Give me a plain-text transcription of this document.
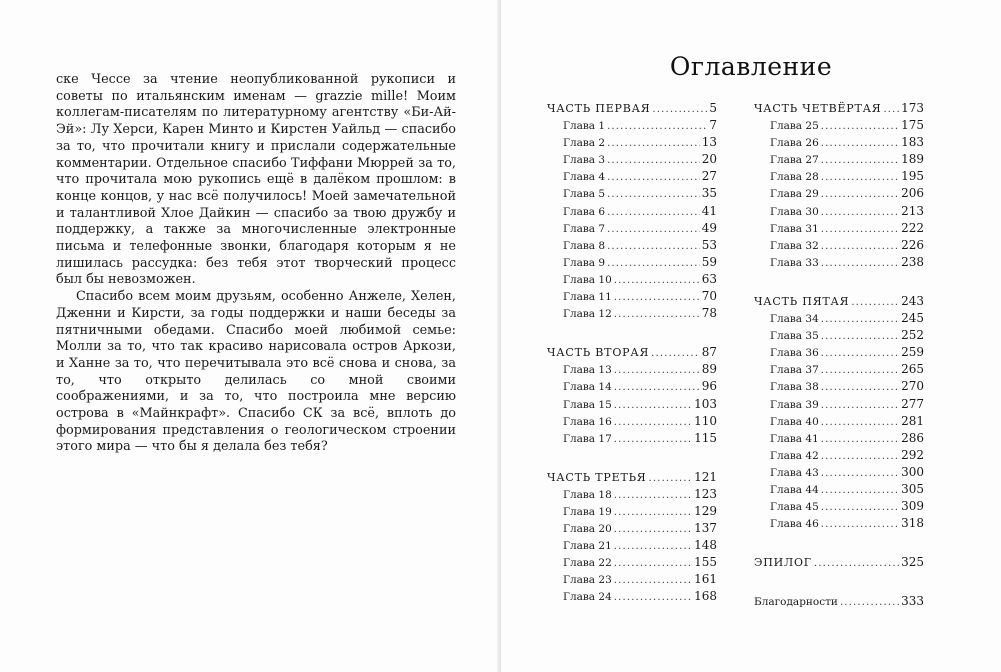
ске Чессе за чтение неопубликованной рукописи и советы по итальянским именам — grazzie mille! Моим коллегам-писателям по литературному агентству «Би-Ай-Эй»: Лу Херси, Карен Минто и Кирстен Уайльд — спасибо за то, что прочитали книгу и прислали содержательные комментарии. Отдельное спасибо Тиффани Мюррей за то, что прочитала мою рукопись ещё в далёком прошлом: в конце концов, у нас всё получилось! Моей замечательной и талантливой Хлое Дайкин — спасибо за твою дружбу и поддержку, а также за многочисленные электронные письма и телефонные звонки, благодаря которым я не лишилась рассудка: без тебя этот творческий процесс был бы невозможен.

Спасибо всем моим друзьям, особенно Анжеле, Хелен, Дженни и Кирсти, за годы поддержки и наши беседы за пятничными обедами. Спасибо моей любимой семье: Молли за то, что так красиво нарисовала остров Аркози, и Ханне за то, что перечитывала это всё снова и снова, за то, что открыто делилась со мной своими соображениями, и за то, что построила мне версию острова в «Майнкрафт». Спасибо СК за всё, вплоть до формирования представления о геологическом строении этого мира — что бы я делала без тебя?

Оглавление
ЧАСТЬ ПЕРВАЯ . . .	5
Глава 1 . . .	7
Глава 2 . . .	13
Глава 3 . . .	20
Глава 4 . . .	27
Глава 5 . . .	35
Глава 6 . . .	41
Глава 7 . . .	49
Глава 8 . . .	53
Глава 9 . . .	59
Глава 10 . . .	63
Глава 11 . . .	70
Глава 12 . . .	78
ЧАСТЬ ВТОРАЯ . . .	87
Глава 13 . . .	89
Глава 14 . . .	96
Глава 15 . . .	103
Глава 16 . . .	110
Глава 17 . . .	115
ЧАСТЬ ТРЕТЬЯ . . .	121
Глава 18 . . .	123
Глава 19 . . .	129
Глава 20 . . .	137
Глава 21 . . .	148
Глава 22 . . .	155
Глава 23 . . .	161
Глава 24 . . .	168
ЧАСТЬ ЧЕТВЁРТАЯ . . . 173
Глава 25 . . .	175
Глава 26 . . .	183
Глава 27 . . .	189
Глава 28 . . .	195
Глава 29 . . .	206
Глава 30 . . .	213
Глава 31 . . .	222
Глава 32 . . .	226
Глава 33 . . .	238
ЧАСТЬ ПЯТАЯ . . .	243
Глава 34 . . .	245
Глава 35 . . .	252
Глава 36 . . .	259
Глава 37 . . .	265
Глава 38 . . .	270
Глава 39 . . .	277
Глава 40 . . .	281
Глава 41 . . .	286
Глава 42 . . .	292
Глава 43 . . .	300
Глава 44 . . .	305
Глава 45 . . .	309
Глава 46 . . .	318
ЭПИЛОГ . . .	325
Благодарности . . .	333
